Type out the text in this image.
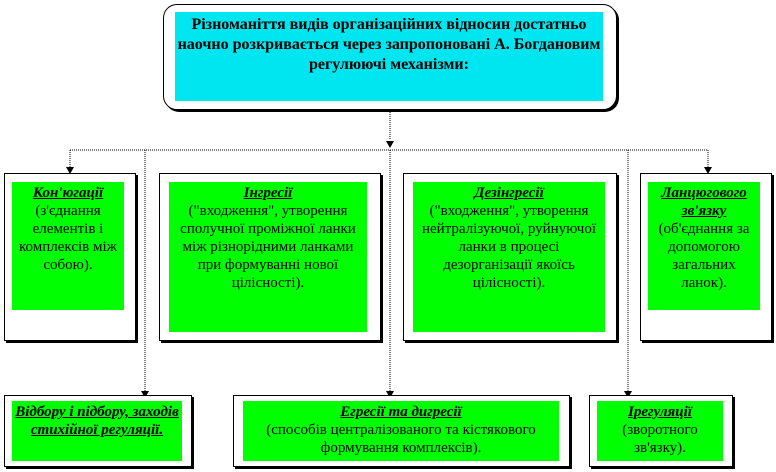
Різноманіття видів організаційних відносин достатньо наочно розкривається через запропоновані А. Богдановим регулюючі механізми:
Кон'югації
(з'єднання елементів і комплексів між собою).
Інгресії
("входження", утворення сполучної проміжної ланки між різнорідними ланками при формуванні нової цілісності).
Дезінгресії
("входження", утворення нейтралізуючої, руйнуючої ланки в процесі дезорганізації якоїсь цілісності).
Ланцюгового зв'язку
(об'єднання за допомогою загальних ланок).
Відбору і підбору, заходів стихійної регуляції.
Егресії та дигресії
(способів централізованого та кістякового формування комплексів).
Ірегуляції
(зворотного зв'язку).
